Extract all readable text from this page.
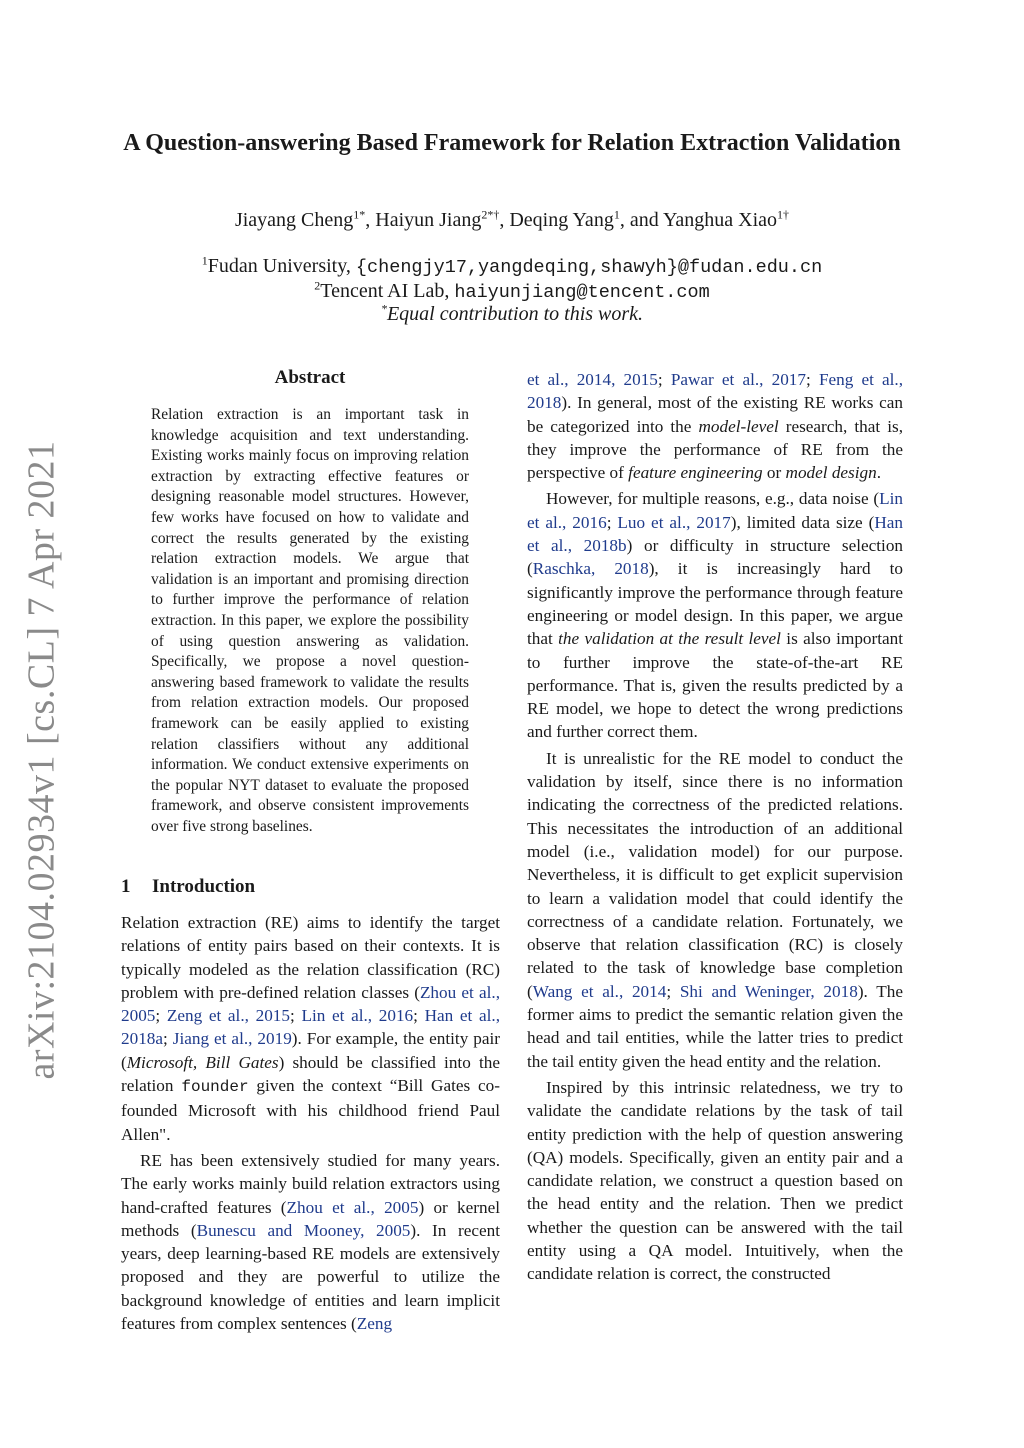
arXiv:2104.02934v1 [cs.CL] 7 Apr 2021
A Question-answering Based Framework for Relation Extraction Validation
Jiayang Cheng$^{1*}$, Haiyun Jiang$^{2*\dagger}$, Deqing Yang$^1$, and Yanghua Xiao$^{1\dagger}$
$^1$Fudan University, {chengjy17,yangdeqing,shawyh}@fudan.edu.cn
$^2$Tencent AI Lab, haiyunjiang@tencent.com
*Equal contribution to this work.
Abstract
Relation extraction is an important task in knowledge acquisition and text understanding. Existing works mainly focus on improving relation extraction by extracting effective features or designing reasonable model structures. However, few works have focused on how to validate and correct the results generated by the existing relation extraction models. We argue that validation is an important and promising direction to further improve the performance of relation extraction. In this paper, we explore the possibility of using question answering as validation. Specifically, we propose a novel question-answering based framework to validate the results from relation extraction models. Our proposed framework can be easily applied to existing relation classifiers without any additional information. We conduct extensive experiments on the popular NYT dataset to evaluate the proposed framework, and observe consistent improvements over five strong baselines.
1 Introduction

Relation extraction (RE) aims to identify the target relations of entity pairs based on their contexts. It is typically modeled as the relation classification (RC) problem with pre-defined relation classes (Zhou et al., 2005; Zeng et al., 2015; Lin et al., 2016; Han et al., 2018a; Jiang et al., 2019). For example, the entity pair (Microsoft, Bill Gates) should be classified into the relation founder given the context “Bill Gates co-founded Microsoft with his childhood friend Paul Allen".

RE has been extensively studied for many years. The early works mainly build relation extractors using hand-crafted features (Zhou et al., 2005) or kernel methods (Bunescu and Mooney, 2005). In recent years, deep learning-based RE models are extensively proposed and they are powerful to utilize the background knowledge of entities and learn implicit features from complex sentences (Zeng

et al., 2014, 2015; Pawar et al., 2017; Feng et al., 2018). In general, most of the existing RE works can be categorized into the model-level research, that is, they improve the performance of RE from the perspective of feature engineering or model design.

However, for multiple reasons, e.g., data noise (Lin et al., 2016; Luo et al., 2017), limited data size (Han et al., 2018b) or difficulty in structure selection (Raschka, 2018), it is increasingly hard to significantly improve the performance through feature engineering or model design. In this paper, we argue that the validation at the result level is also important to further improve the state-of-the-art RE performance. That is, given the results predicted by a RE model, we hope to detect the wrong predictions and further correct them.

It is unrealistic for the RE model to conduct the validation by itself, since there is no information indicating the correctness of the predicted relations. This necessitates the introduction of an additional model (i.e., validation model) for our purpose. Nevertheless, it is difficult to get explicit supervision to learn a validation model that could identify the correctness of a candidate relation. Fortunately, we observe that relation classification (RC) is closely related to the task of knowledge base completion (Wang et al., 2014; Shi and Weninger, 2018). The former aims to predict the semantic relation given the head and tail entities, while the latter tries to predict the tail entity given the head entity and the relation.

Inspired by this intrinsic relatedness, we try to validate the candidate relations by the task of tail entity prediction with the help of question answering (QA) models. Specifically, given an entity pair and a candidate relation, we construct a question based on the head entity and the relation. Then we predict whether the question can be answered with the tail entity using a QA model. Intuitively, when the candidate relation is correct, the constructed
